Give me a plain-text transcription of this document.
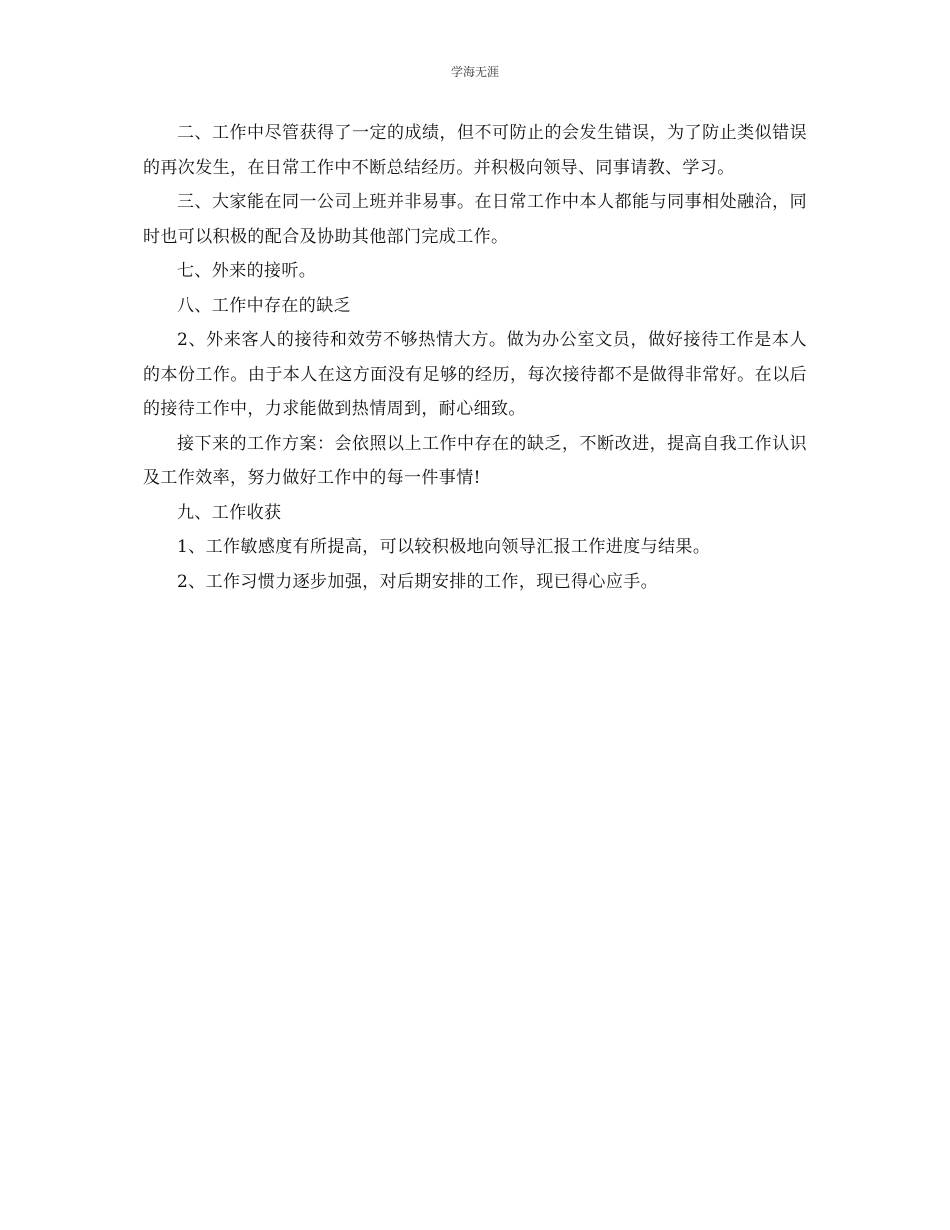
学海无涯

二、工作中尽管获得了一定的成绩，但不可防止的会发生错误，为了防止类似错误的再次发生，在日常工作中不断总结经历。并积极向领导、同事请教、学习。

三、大家能在同一公司上班并非易事。在日常工作中本人都能与同事相处融洽，同时也可以积极的配合及协助其他部门完成工作。

七、外来的接听。

八、工作中存在的缺乏

2、外来客人的接待和效劳不够热情大方。做为办公室文员，做好接待工作是本人的本份工作。由于本人在这方面没有足够的经历，每次接待都不是做得非常好。在以后的接待工作中，力求能做到热情周到，耐心细致。

接下来的工作方案：会依照以上工作中存在的缺乏，不断改进，提高自我工作认识及工作效率，努力做好工作中的每一件事情!

九、工作收获

1、工作敏感度有所提高，可以较积极地向领导汇报工作进度与结果。

2、工作习惯力逐步加强，对后期安排的工作，现已得心应手。
